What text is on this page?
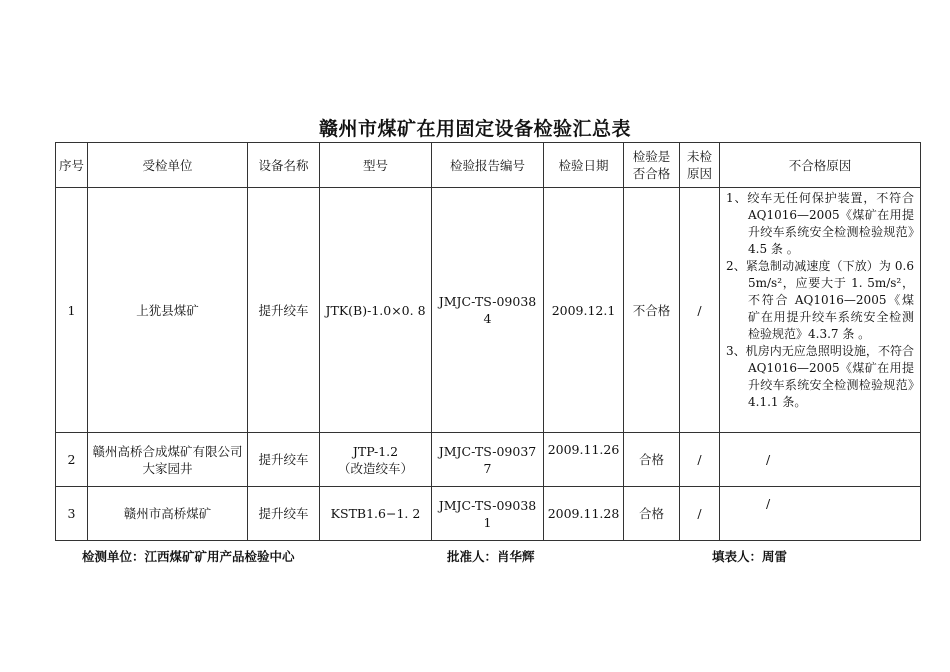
赣州市煤矿在用固定设备检验汇总表
序号	受检单位	设备名称	型号	检验报告编号	检验日期	检验是否合格	未检原因	不合格原因
1	上犹县煤矿	提升绞车	JTK(B)-1.0×0. 8	JMJC-TS-090384	2009.12.1	不合格	/	1、绞车无任何保护装置，不符合 AQ1016—2005《煤矿在用提升绞车系统安全检测检验规范》4.5 条 。
2、紧急制动减速度（下放）为 0.65m/s²，应要大于 1. 5m/s²，不符合 AQ1016—2005《煤矿在用提升绞车系统安全检测检验规范》4.3.7 条 。
3、机房内无应急照明设施，不符合 AQ1016—2005《煤矿在用提升绞车系统安全检测检验规范》4.1.1 条。

2	赣州高桥合成煤矿有限公司大家园井	提升绞车	JTP-1.2
（改造绞车）	JMJC-TS-090377	2009.11.26	合格	/	/
3	赣州市高桥煤矿	提升绞车	KSTB1.6−1. 2	JMJC-TS-090381	2009.11.28	合格	/	/
检测单位：江西煤矿矿用产品检验中心	批准人：肖华辉	填表人：周雷
